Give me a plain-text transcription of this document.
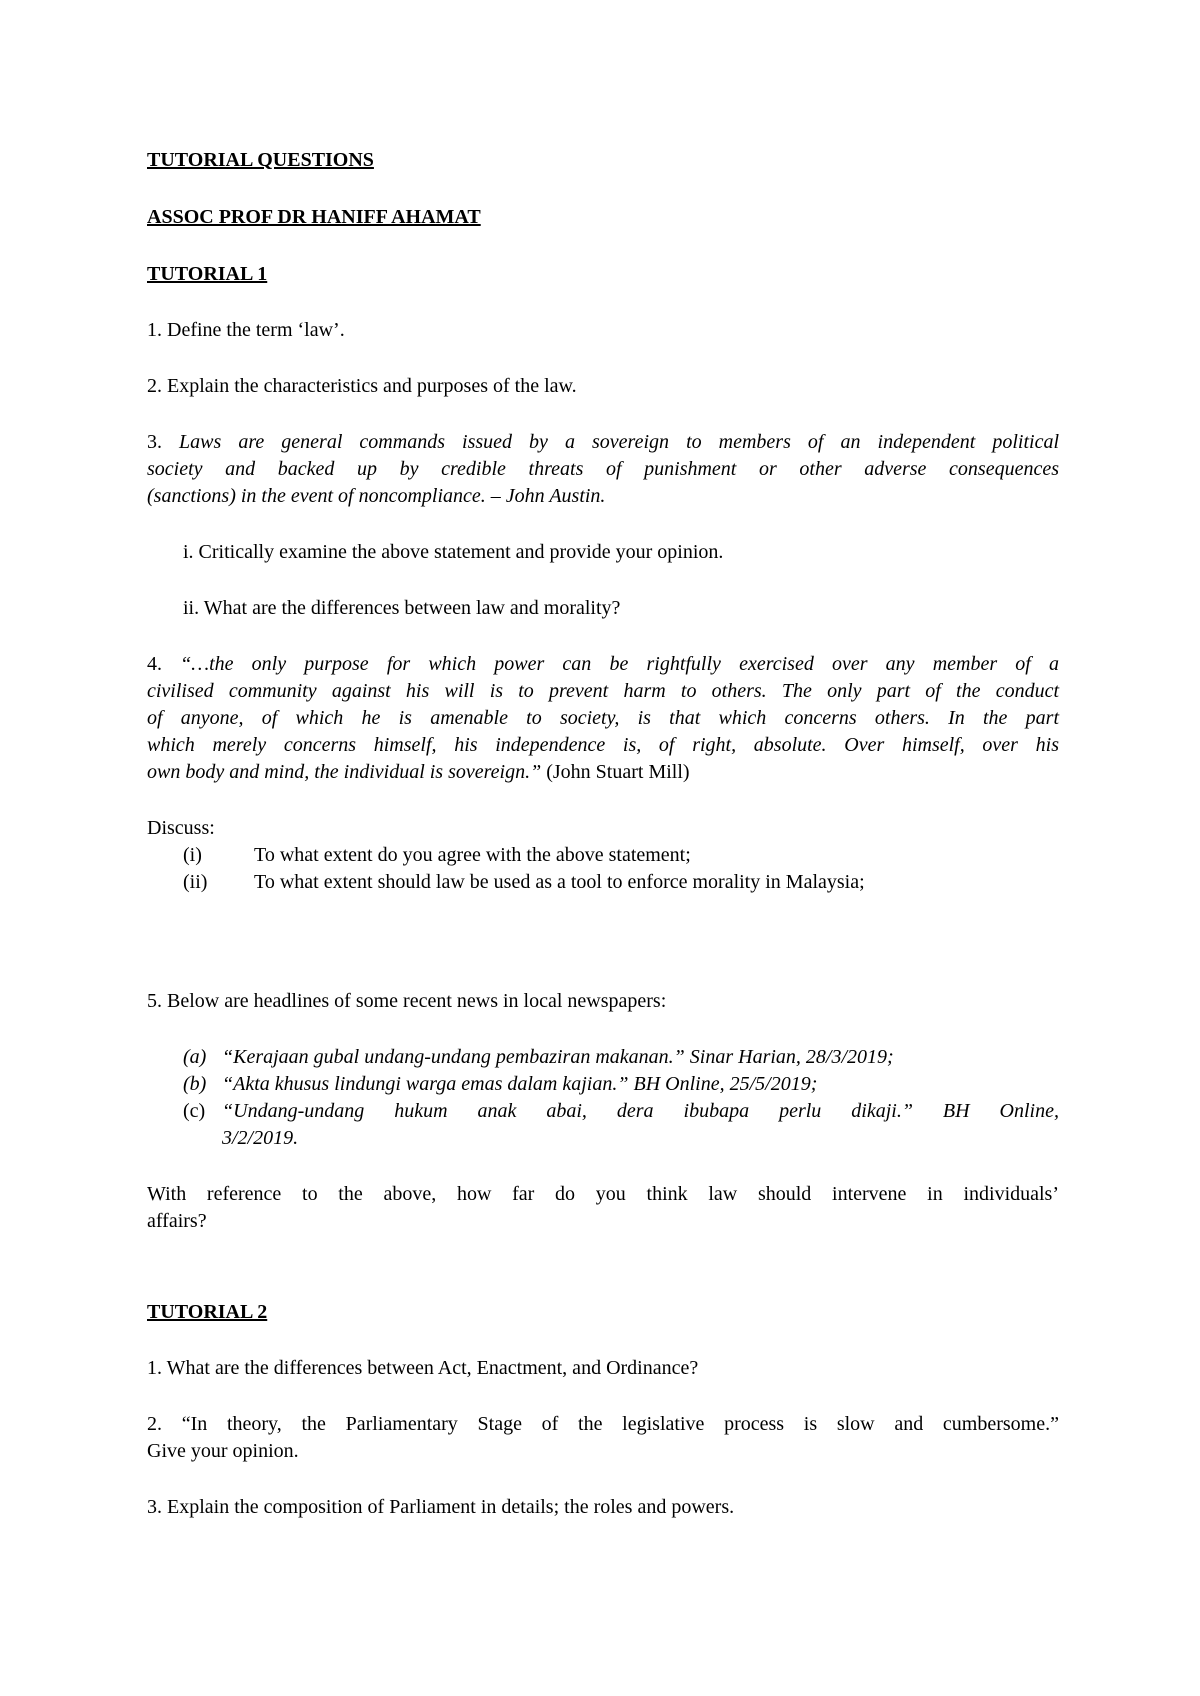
TUTORIAL QUESTIONS

ASSOC PROF DR HANIFF AHAMAT

TUTORIAL 1

1. Define the term ‘law’.

2. Explain the characteristics and purposes of the law.

3. Laws are general commands issued by a sovereign to members of an independent political

society and backed up by credible threats of punishment or other adverse consequences

(sanctions) in the event of noncompliance. – John Austin.

i. Critically examine the above statement and provide your opinion.

ii. What are the differences between law and morality?

4. “…the only purpose for which power can be rightfully exercised over any member of a

civilised community against his will is to prevent harm to others. The only part of the conduct

of anyone, of which he is amenable to society, is that which concerns others. In the part

which merely concerns himself, his independence is, of right, absolute. Over himself, over his

own body and mind, the individual is sovereign.” (John Stuart Mill)

Discuss:

(i)	To what extent do you agree with the above statement;

(ii) To what extent should law be used as a tool to enforce morality in Malaysia;

5. Below are headlines of some recent news in local newspapers:

(a) “Kerajaan gubal undang-undang pembaziran makanan.” Sinar Harian, 28/3/2019;

(b) “Akta khusus lindungi warga emas dalam kajian.” BH Online, 25/5/2019;

(c) “Undang-undang hukum anak abai, dera ibubapa perlu dikaji.” BH Online,

3/2/2019.

With reference to the above, how far do you think law should intervene in individuals’

affairs?

TUTORIAL 2

1. What are the differences between Act, Enactment, and Ordinance?

2. “In theory, the Parliamentary Stage of the legislative process is slow and cumbersome.”

Give your opinion.

3. Explain the composition of Parliament in details; the roles and powers.
